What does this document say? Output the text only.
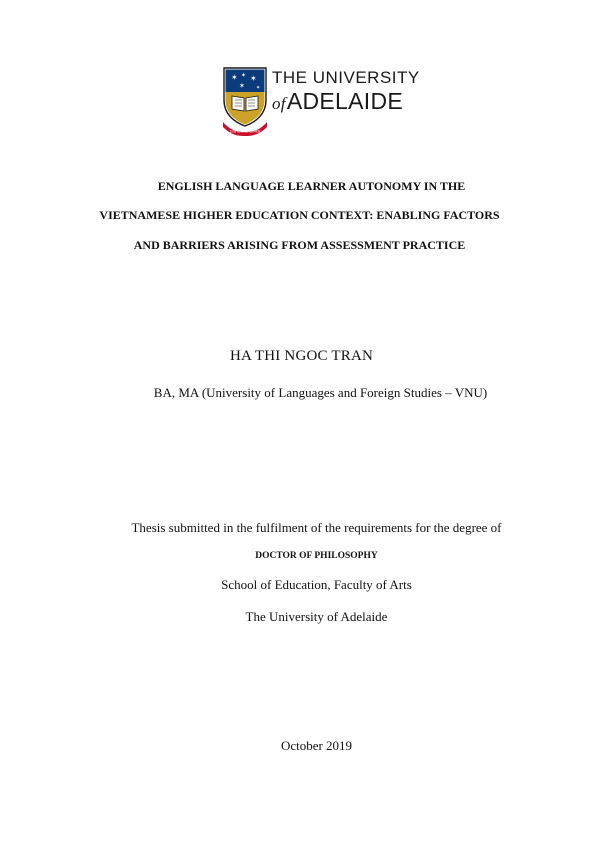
✶ ✶ ✶
✶ ✶
SUB CRUCE LUMEN
THE UNIVERSITY
ofADELAIDE
ENGLISH LANGUAGE LEARNER AUTONOMY IN THE
VIETNAMESE HIGHER EDUCATION CONTEXT: ENABLING FACTORS
AND BARRIERS ARISING FROM ASSESSMENT PRACTICE
HA THI NGOC TRAN
BA, MA (University of Languages and Foreign Studies – VNU)
Thesis submitted in the fulfilment of the requirements for the degree of
DOCTOR OF PHILOSOPHY
School of Education, Faculty of Arts
The University of Adelaide
October 2019
